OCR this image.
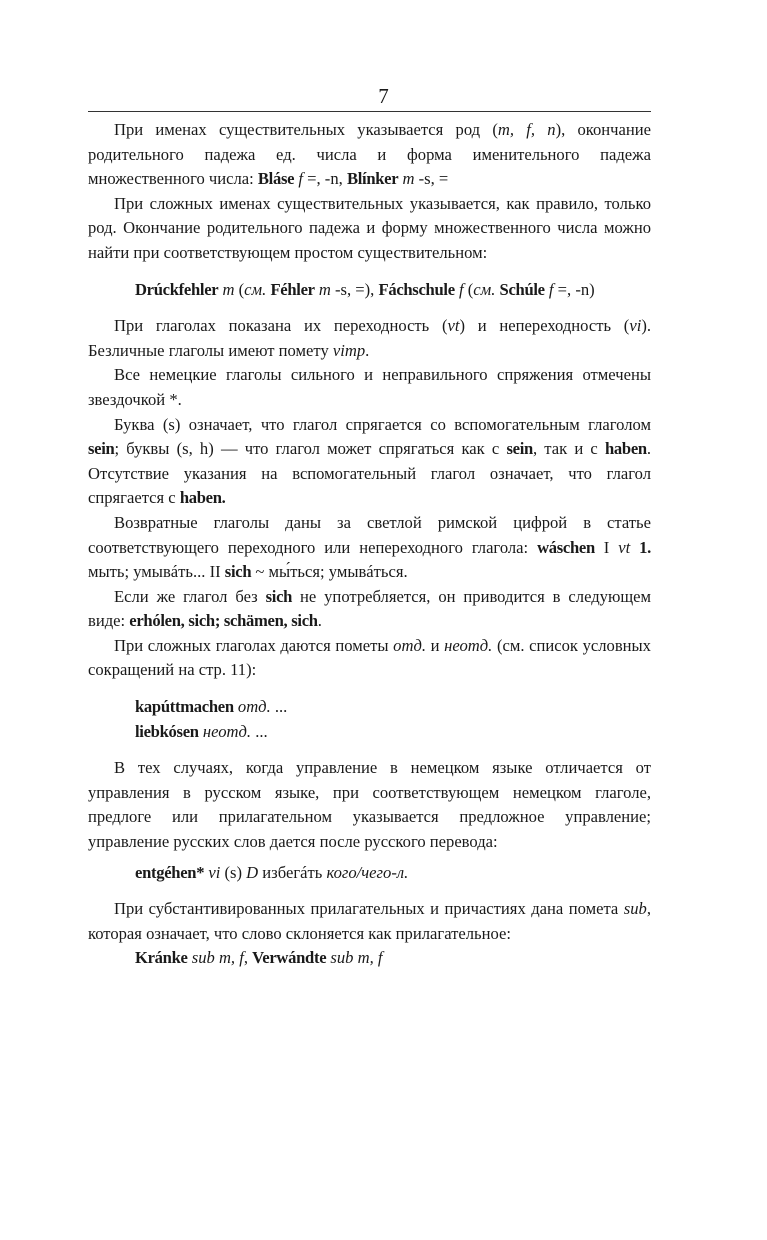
7

При именах существительных указывается род (m, f, n), окончание родительного падежа ед. числа и форма именительного падежа множественного числа: Bláse f =, -n, Blínker m -s, =

При сложных именах существительных указывается, как правило, только род. Окончание родительного падежа и форму множественного числа можно найти при соответствующем простом существительном:

Drúckfehler m (см. Féhler m -s, =), Fáchschule f (см. Schúle f =, -n)

При глаголах показана их переходность (vt) и непереходность (vi). Безличные глаголы имеют помету vimp.

Все немецкие глаголы сильного и неправильного спряжения отмечены звездочкой *.

Буква (s) означает, что глагол спрягается со вспомогательным глаголом sein; буквы (s, h) — что глагол может спрягаться как с sein, так и с haben. Отсутствие указания на вспомогательный глагол означает, что глагол спрягается с haben.

Возвратные глаголы даны за светлой римской цифрой в статье соответствующего переходного или непереходного глагола: wáschen I vt 1. мыть; умывáть... II sich ~ мы́ться; умывáться.

Если же глагол без sich не употребляется, он приводится в следующем виде: erhólen, sich; schämen, sich.

При сложных глаголах даются пометы отд. и неотд. (см. список условных сокращений на стр. 11):

kapúttmachen отд. ...

liebkósen неотд. ...

В тех случаях, когда управление в немецком языке отличается от управления в русском языке, при соответствующем немецком глаголе, предлоге или прилагательном указывается предложное управление; управление русских слов дается после русского перевода:

entgéhen* vi (s) D избегáть кого/чего-л.

При субстантивированных прилагательных и причастиях дана помета sub, которая означает, что слово склоняется как прилагательное:

Kránke sub m, f, Verwándte sub m, f
